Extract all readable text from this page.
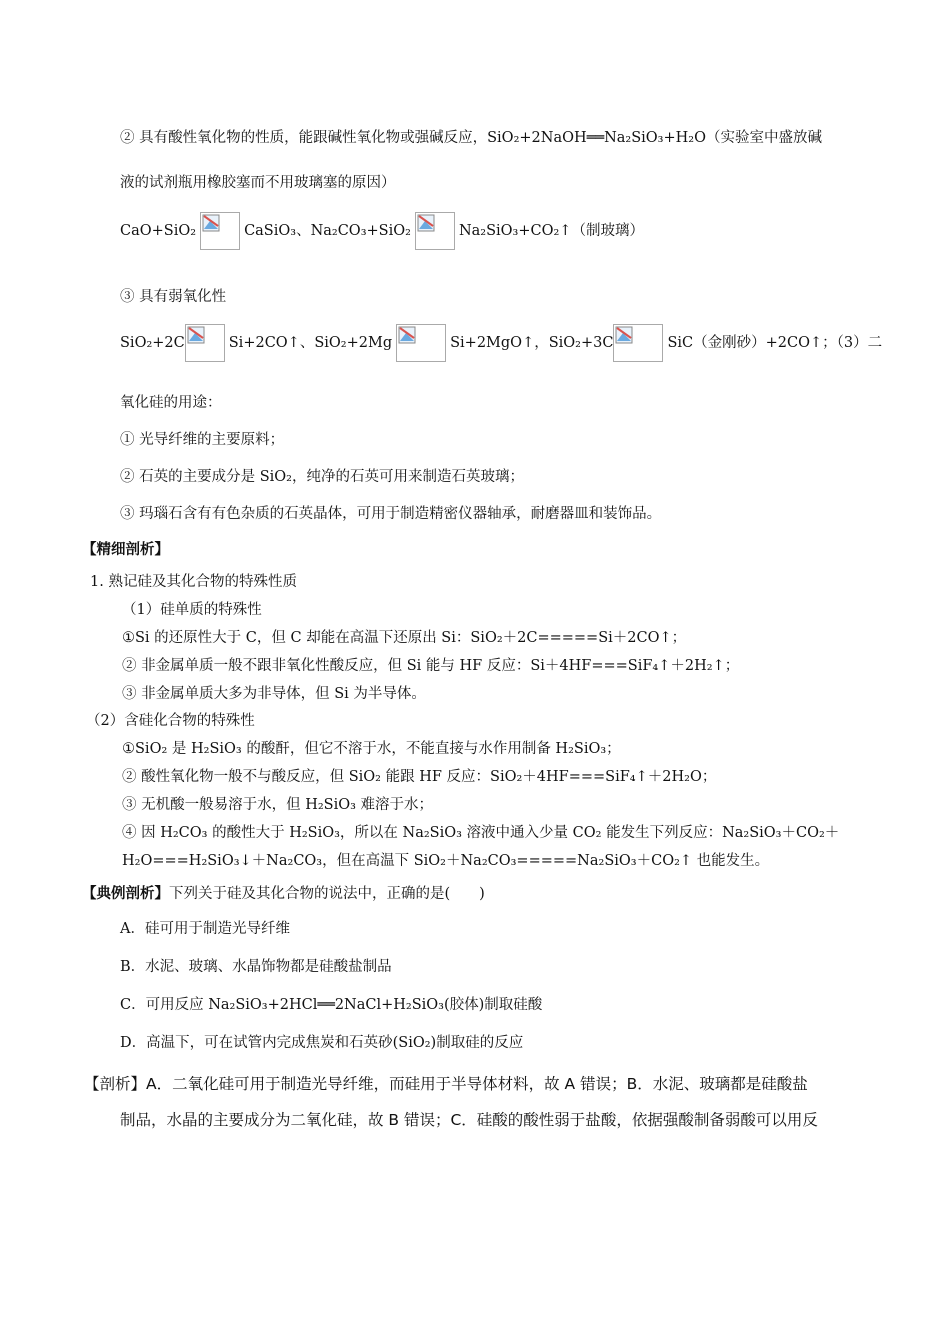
② 具有酸性氧化物的性质，能跟碱性氧化物或强碱反应，SiO₂+2NaOH══Na₂SiO₃+H₂O（实验室中盛放碱
液的试剂瓶用橡胶塞而不用玻璃塞的原因）
CaO+SiO₂	CaSiO₃、Na₂CO₃+SiO₂	Na₂SiO₃+CO₂↑（制玻璃）
③ 具有弱氧化性
SiO₂+2C	Si+2CO↑、SiO₂+2Mg	Si+2MgO↑，SiO₂+3C	SiC（金刚砂）+2CO↑；（3）二
氧化硅的用途：
① 光导纤维的主要原料；
② 石英的主要成分是 SiO₂，纯净的石英可用来制造石英玻璃；
③ 玛瑙石含有有色杂质的石英晶体，可用于制造精密仪器轴承，耐磨器皿和装饰品。
【精细剖析】
1. 熟记硅及其化合物的特殊性质
（1）硅单质的特殊性
①Si 的还原性大于 C，但 C 却能在高温下还原出 Si：SiO₂＋2C=====Si＋2CO↑；
② 非金属单质一般不跟非氧化性酸反应，但 Si 能与 HF 反应：Si＋4HF===SiF₄↑＋2H₂↑；
③ 非金属单质大多为非导体，但 Si 为半导体。
（2）含硅化合物的特殊性
①SiO₂ 是 H₂SiO₃ 的酸酐，但它不溶于水，不能直接与水作用制备 H₂SiO₃；
② 酸性氧化物一般不与酸反应，但 SiO₂ 能跟 HF 反应：SiO₂＋4HF===SiF₄↑＋2H₂O；
③ 无机酸一般易溶于水，但 H₂SiO₃ 难溶于水；
④ 因 H₂CO₃ 的酸性大于 H₂SiO₃，所以在 Na₂SiO₃ 溶液中通入少量 CO₂ 能发生下列反应：Na₂SiO₃＋CO₂＋
H₂O===H₂SiO₃↓＋Na₂CO₃，但在高温下 SiO₂＋Na₂CO₃=====Na₂SiO₃＋CO₂↑ 也能发生。
【典例剖析】下列关于硅及其化合物的说法中，正确的是(　　)
A．硅可用于制造光导纤维
B．水泥、玻璃、水晶饰物都是硅酸盐制品
C．可用反应 Na₂SiO₃+2HCl══2NaCl+H₂SiO₃(胶体)制取硅酸
D．高温下，可在试管内完成焦炭和石英砂(SiO₂)制取硅的反应
【剖析】A．二氧化硅可用于制造光导纤维，而硅用于半导体材料，故 A 错误；B．水泥、玻璃都是硅酸盐
制品，水晶的主要成分为二氧化硅，故 B 错误；C．硅酸的酸性弱于盐酸，依据强酸制备弱酸可以用反
